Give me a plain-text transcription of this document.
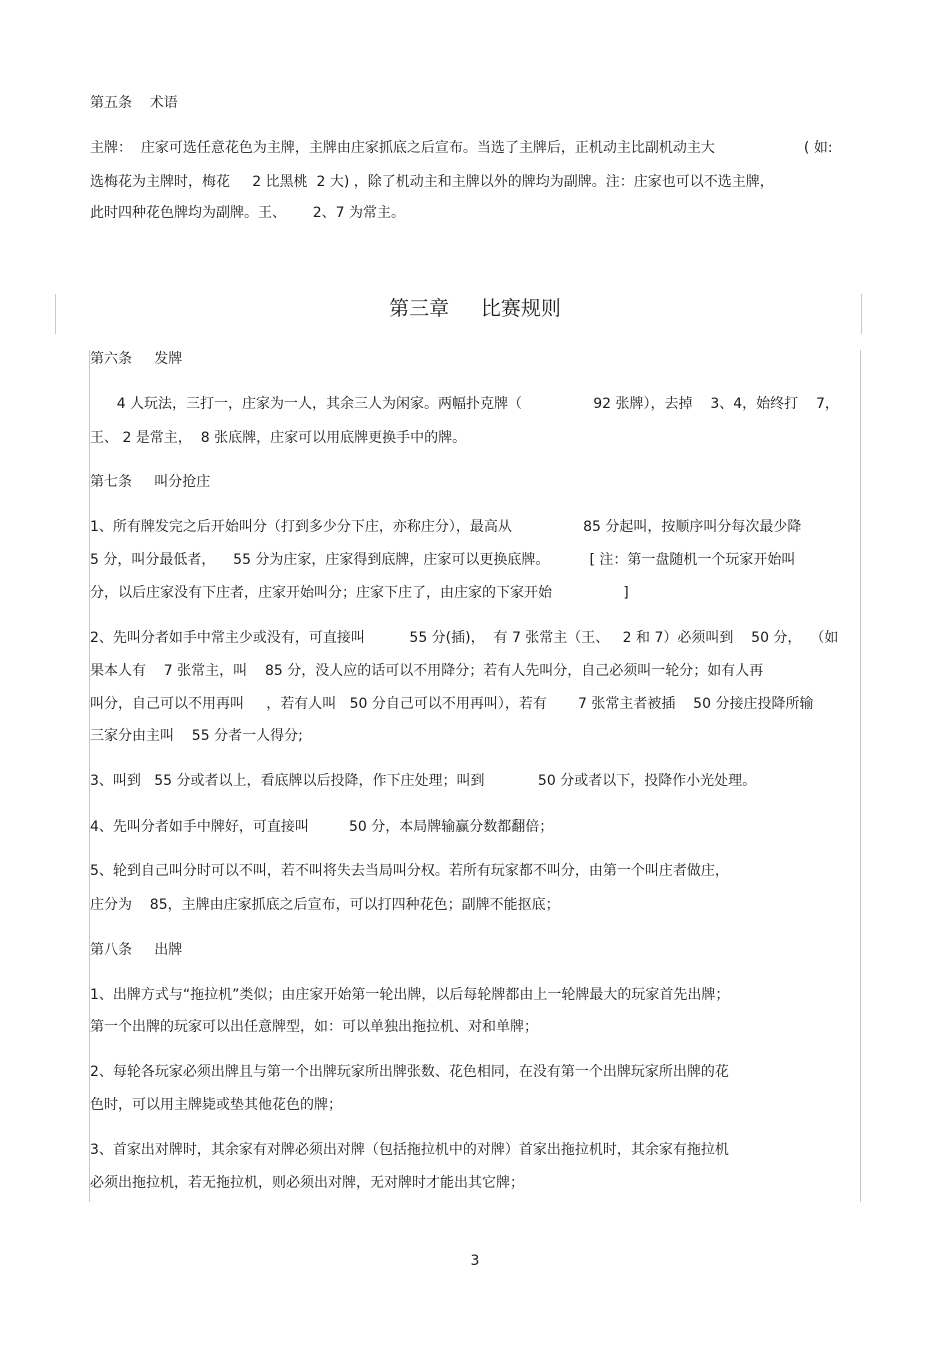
第五条    术语
主牌：  庄家可选任意花色为主牌，主牌由庄家抓底之后宣布。当选了主牌后，正机动主比副机动主大                    ( 如:
选梅花为主牌时，梅花     2 比黑桃  2 大) ，除了机动主和主牌以外的牌均为副牌。注：庄家也可以不选主牌，
此时四种花色牌均为副牌。王、      2、7 为常主。
第三章     比赛规则
第六条     发牌
4 人玩法，三打一，庄家为一人，其余三人为闲家。两幅扑克牌（                92 张牌），去掉    3、4，始终打    7，
王、 2 是常主，  8 张底牌，庄家可以用底牌更换手中的牌。
第七条     叫分抢庄
1、所有牌发完之后开始叫分（打到多少分下庄，亦称庄分），最高从                85 分起叫，按顺序叫分每次最少降
5 分，叫分最低者，    55 分为庄家，庄家得到底牌，庄家可以更换底牌。         [ 注：第一盘随机一个玩家开始叫
分，以后庄家没有下庄者，庄家开始叫分；庄家下庄了，由庄家的下家开始                ]
2、先叫分者如手中常主少或没有，可直接叫          55 分(插)，  有 7 张常主（王、   2 和 7）必须叫到    50 分，  （如
果本人有    7 张常主，叫    85 分，没人应的话可以不用降分；若有人先叫分，自己必须叫一轮分；如有人再
叫分，自己可以不用再叫     ，若有人叫   50 分自己可以不用再叫），若有       7 张常主者被插    50 分接庄投降所输
三家分由主叫    55 分者一人得分;
3、叫到   55 分或者以上，看底牌以后投降，作下庄处理；叫到            50 分或者以下，投降作小光处理。
4、先叫分者如手中牌好，可直接叫         50 分，本局牌输赢分数都翻倍；
5、轮到自己叫分时可以不叫，若不叫将失去当局叫分权。若所有玩家都不叫分，由第一个叫庄者做庄，
庄分为    85，主牌由庄家抓底之后宣布，可以打四种花色；副牌不能抠底；
第八条     出牌
1、出牌方式与“拖拉机”类似；由庄家开始第一轮出牌，以后每轮牌都由上一轮牌最大的玩家首先出牌；
第一个出牌的玩家可以出任意牌型，如：可以单独出拖拉机、对和单牌；
2、每轮各玩家必须出牌且与第一个出牌玩家所出牌张数、花色相同，在没有第一个出牌玩家所出牌的花
色时，可以用主牌毙或垫其他花色的牌；
3、首家出对牌时，其余家有对牌必须出对牌（包括拖拉机中的对牌）首家出拖拉机时，其余家有拖拉机
必须出拖拉机，若无拖拉机，则必须出对牌，无对牌时才能出其它牌；
3
